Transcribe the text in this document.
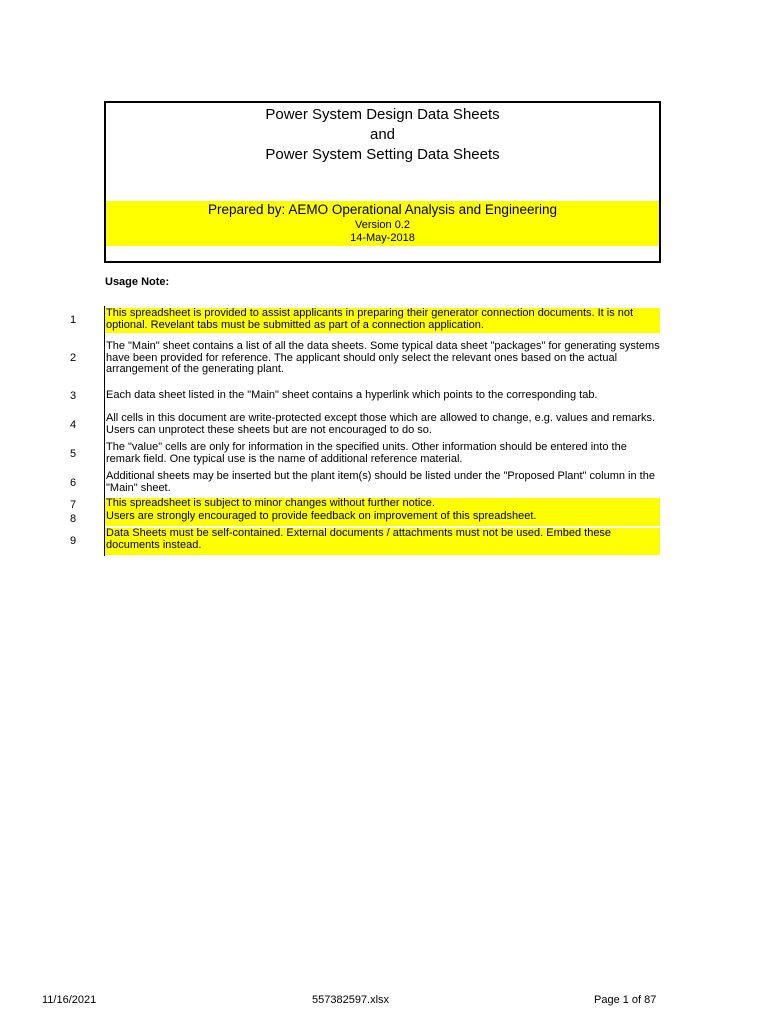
Power System Design Data Sheets
and
Power System Setting Data Sheets
Prepared by: AEMO Operational Analysis and Engineering
Version 0.2
14-May-2018
Usage Note:
1
This spreadsheet is provided to assist applicants in preparing their generator connection documents. It is not optional. Revelant tabs must be submitted as part of a connection application.
2
The "Main" sheet contains a list of all the data sheets. Some typical data sheet "packages" for generating systems have been provided for reference. The applicant should only select the relevant ones based on the actual arrangement of the generating plant.
3	Each data sheet listed in the "Main" sheet contains a hyperlink which points to the corresponding tab.
4
All cells in this document are write-protected except those which are allowed to change, e.g. values and remarks. Users can unprotect these sheets but are not encouraged to do so.
5
The "value" cells are only for information in the specified units. Other information should be entered into the remark field. One typical use is the name of additional reference material.
6
Additional sheets may be inserted but the plant item(s) should be listed under the "Proposed Plant" column in the "Main" sheet.
7	This spreadsheet is subject to minor changes without further notice.
8	Users are strongly encouraged to provide feedback on improvement of this spreadsheet.
9
Data Sheets must be self-contained. External documents / attachments must not be used. Embed these documents instead.
11/16/2021	557382597.xlsx	Page 1 of 87
